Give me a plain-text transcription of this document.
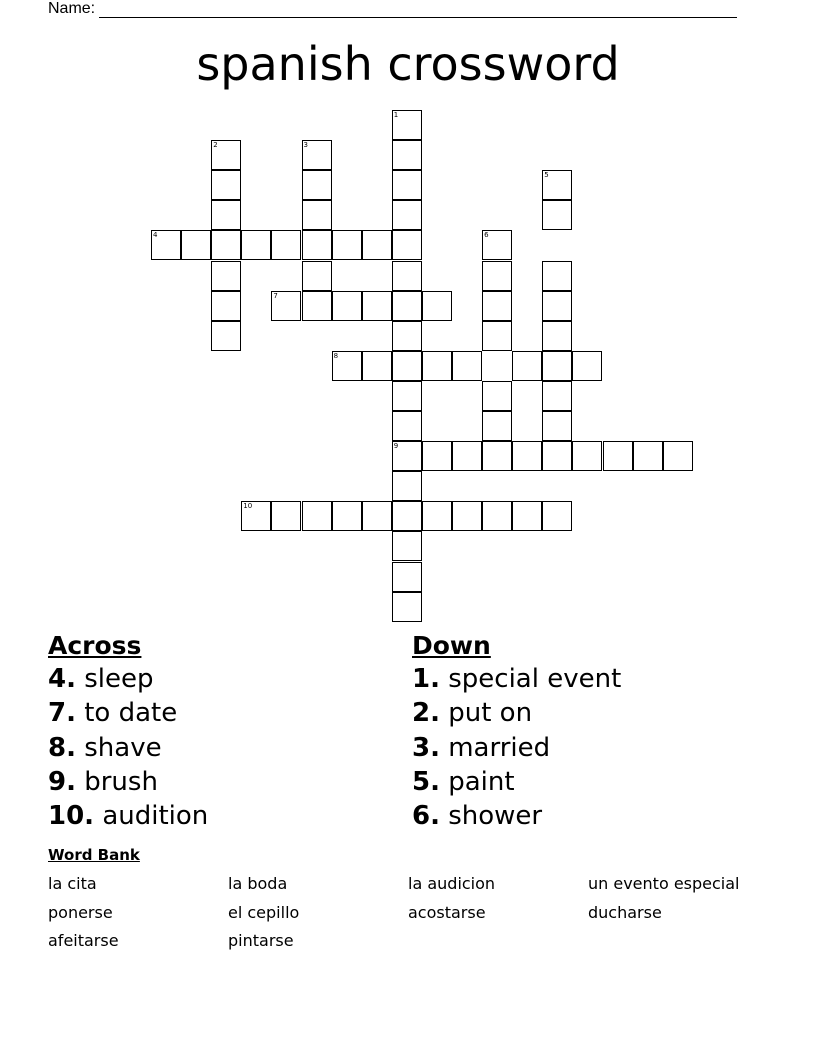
Name:
spanish crossword
4
1
2	3
5
6
7
8
9
10
Across
4. sleep
7. to date
8. shave
9. brush
10. audition
Down
1. special event
2. put on
3. married
5. paint
6. shower
Word Bank
la cita	la boda	la audicion	un evento especial
ponerse	el cepillo	acostarse	ducharse
afeitarse	pintarse
